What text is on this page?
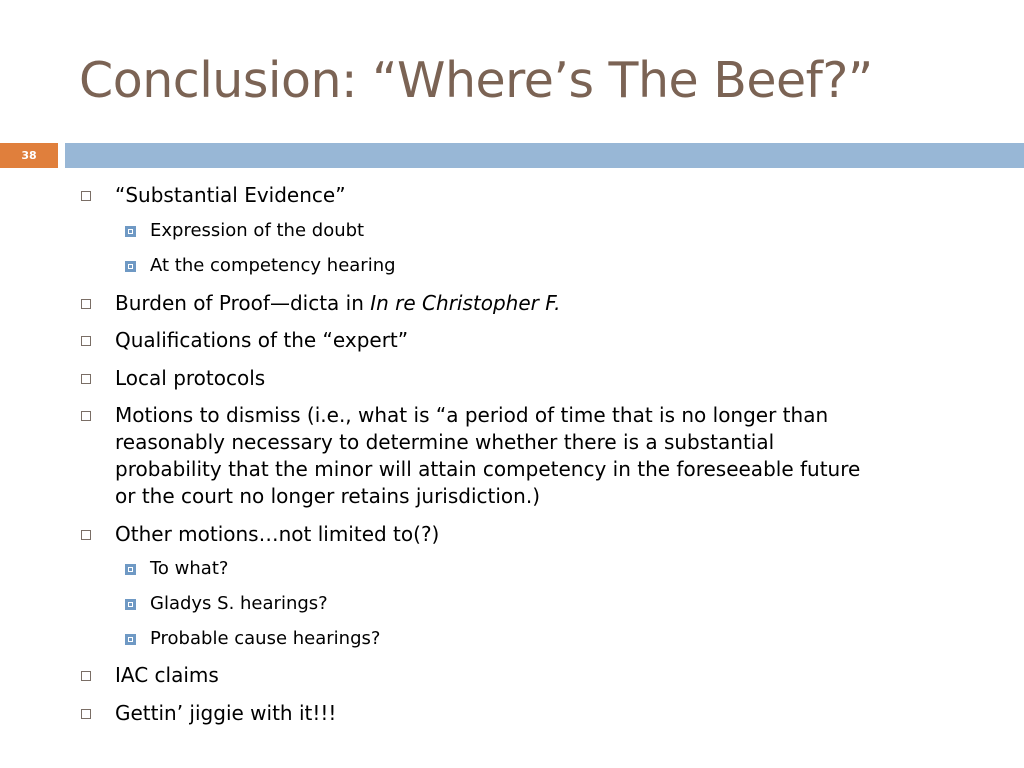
Conclusion: “Where’s The Beef?”
38
“Substantial Evidence”
Expression of the doubt
At the competency hearing
Burden of Proof—dicta in In re Christopher F.
Qualifications of the “expert”
Local protocols
Motions to dismiss (i.e., what is “a period of time that is no longer than
reasonably necessary to determine whether there is a substantial
probability that the minor will attain competency in the foreseeable future
or the court no longer retains jurisdiction.)
Other motions…not limited to(?)
To what?
Gladys S. hearings?
Probable cause hearings?
IAC claims
Gettin’ jiggie with it!!!
